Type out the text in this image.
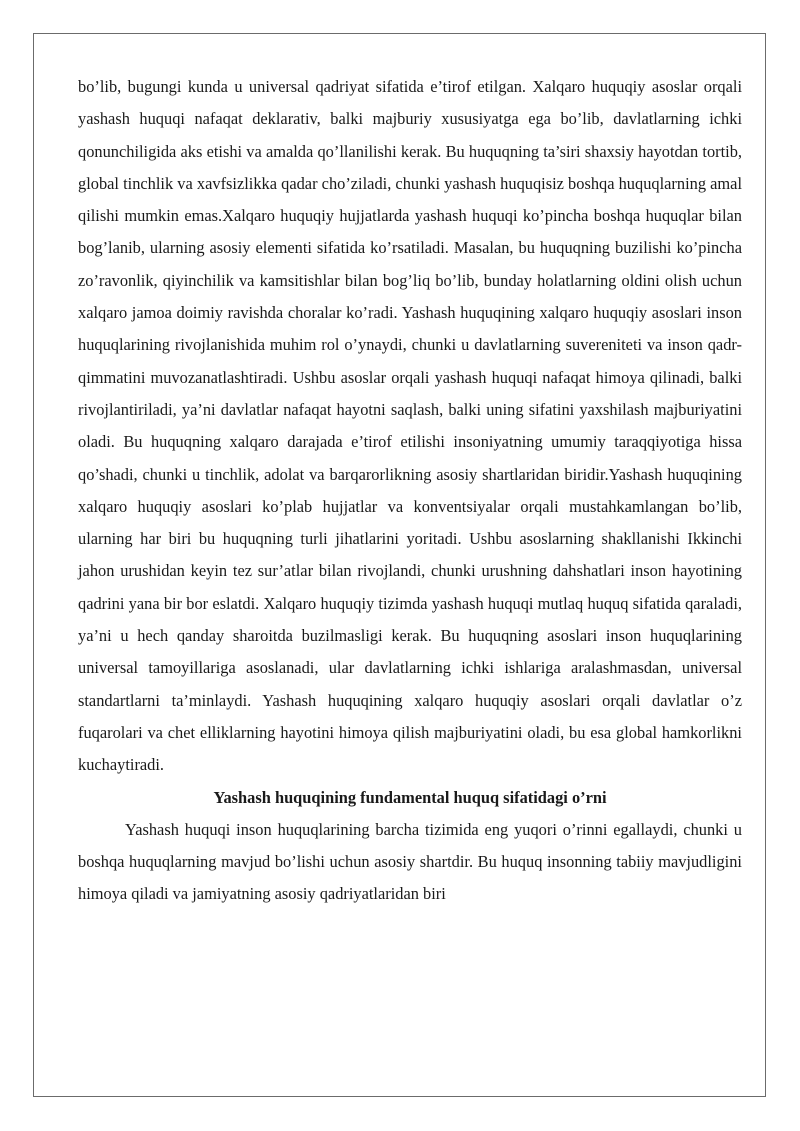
bo’lib, bugungi kunda u universal qadriyat sifatida e’tirof etilgan. Xalqaro huquqiy asoslar orqali yashash huquqi nafaqat deklarativ, balki majburiy xususiyatga ega bo’lib, davlatlarning ichki qonunchiligida aks etishi va amalda qo’llanilishi kerak. Bu huquqning ta’siri shaxsiy hayotdan tortib, global tinchlik va xavfsizlikka qadar cho’ziladi, chunki yashash huquqisiz boshqa huquqlarning amal qilishi mumkin emas.Xalqaro huquqiy hujjatlarda yashash huquqi ko’pincha boshqa huquqlar bilan bog’lanib, ularning asosiy elementi sifatida ko’rsatiladi. Masalan, bu huquqning buzilishi ko’pincha zo’ravonlik, qiyinchilik va kamsitishlar bilan bog’liq bo’lib, bunday holatlarning oldini olish uchun xalqaro jamoa doimiy ravishda choralar ko’radi. Yashash huquqining xalqaro huquqiy asoslari inson huquqlarining rivojlanishida muhim rol o’ynaydi, chunki u davlatlarning suvereniteti va inson qadr-qimmatini muvozanatlashtiradi. Ushbu asoslar orqali yashash huquqi nafaqat himoya qilinadi, balki rivojlantiriladi, ya’ni davlatlar nafaqat hayotni saqlash, balki uning sifatini yaxshilash majburiyatini oladi. Bu huquqning xalqaro darajada e’tirof etilishi insoniyatning umumiy taraqqiyotiga hissa qo’shadi, chunki u tinchlik, adolat va barqarorlikning asosiy shartlaridan biridir.Yashash huquqining xalqaro huquqiy asoslari ko’plab hujjatlar va konventsiyalar orqali mustahkamlangan bo’lib, ularning har biri bu huquqning turli jihatlarini yoritadi. Ushbu asoslarning shakllanishi Ikkinchi jahon urushidan keyin tez sur’atlar bilan rivojlandi, chunki urushning dahshatlari inson hayotining qadrini yana bir bor eslatdi. Xalqaro huquqiy tizimda yashash huquqi mutlaq huquq sifatida qaraladi, ya’ni u hech qanday sharoitda buzilmasligi kerak. Bu huquqning asoslari inson huquqlarining universal tamoyillariga asoslanadi, ular davlatlarning ichki ishlariga aralashmasdan, universal standartlarni ta’minlaydi. Yashash huquqining xalqaro huquqiy asoslari orqali davlatlar o’z fuqarolari va chet elliklarning hayotini himoya qilish majburiyatini oladi, bu esa global hamkorlikni kuchaytiradi.

Yashash huquqining fundamental huquq sifatidagi o’rni

Yashash huquqi inson huquqlarining barcha tizimida eng yuqori o’rinni egallaydi, chunki u boshqa huquqlarning mavjud bo’lishi uchun asosiy shartdir. Bu huquq insonning tabiiy mavjudligini himoya qiladi va jamiyatning asosiy qadriyatlaridan biri
